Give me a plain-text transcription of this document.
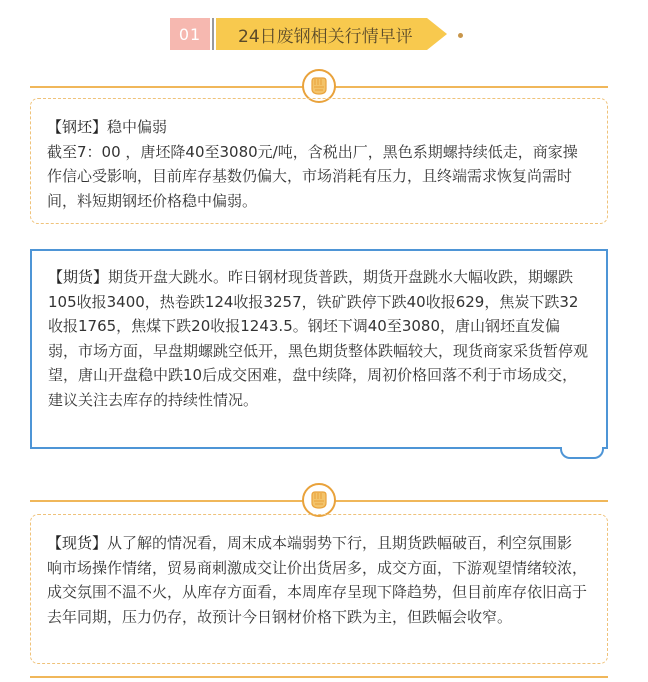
01	24日废钢相关行情早评
【钢坯】稳中偏弱
截至7：00 ，唐坯降40至3080元/吨，含税出厂，黑色系期螺持续低走，商家操作信心受影响，目前库存基数仍偏大，市场消耗有压力，且终端需求恢复尚需时间，料短期钢坯价格稳中偏弱。
【期货】期货开盘大跳水。昨日钢材现货普跌，期货开盘跳水大幅收跌，期螺跌105收报3400，热卷跌124收报3257，铁矿跌停下跌40收报629，焦炭下跌32收报1765，焦煤下跌20收报1243.5。钢坯下调40至3080，唐山钢坯直发偏弱，市场方面，早盘期螺跳空低开，黑色期货整体跌幅较大，现货商家采货暂停观望，唐山开盘稳中跌10后成交困难，盘中续降，周初价格回落不利于市场成交，建议关注去库存的持续性情况。
【现货】从了解的情况看，周末成本端弱势下行，且期货跌幅破百，利空氛围影响市场操作情绪，贸易商刺激成交让价出货居多，成交方面，下游观望情绪较浓，成交氛围不温不火，从库存方面看，本周库存呈现下降趋势，但目前库存依旧高于去年同期，压力仍存，故预计今日钢材价格下跌为主，但跌幅会收窄。
